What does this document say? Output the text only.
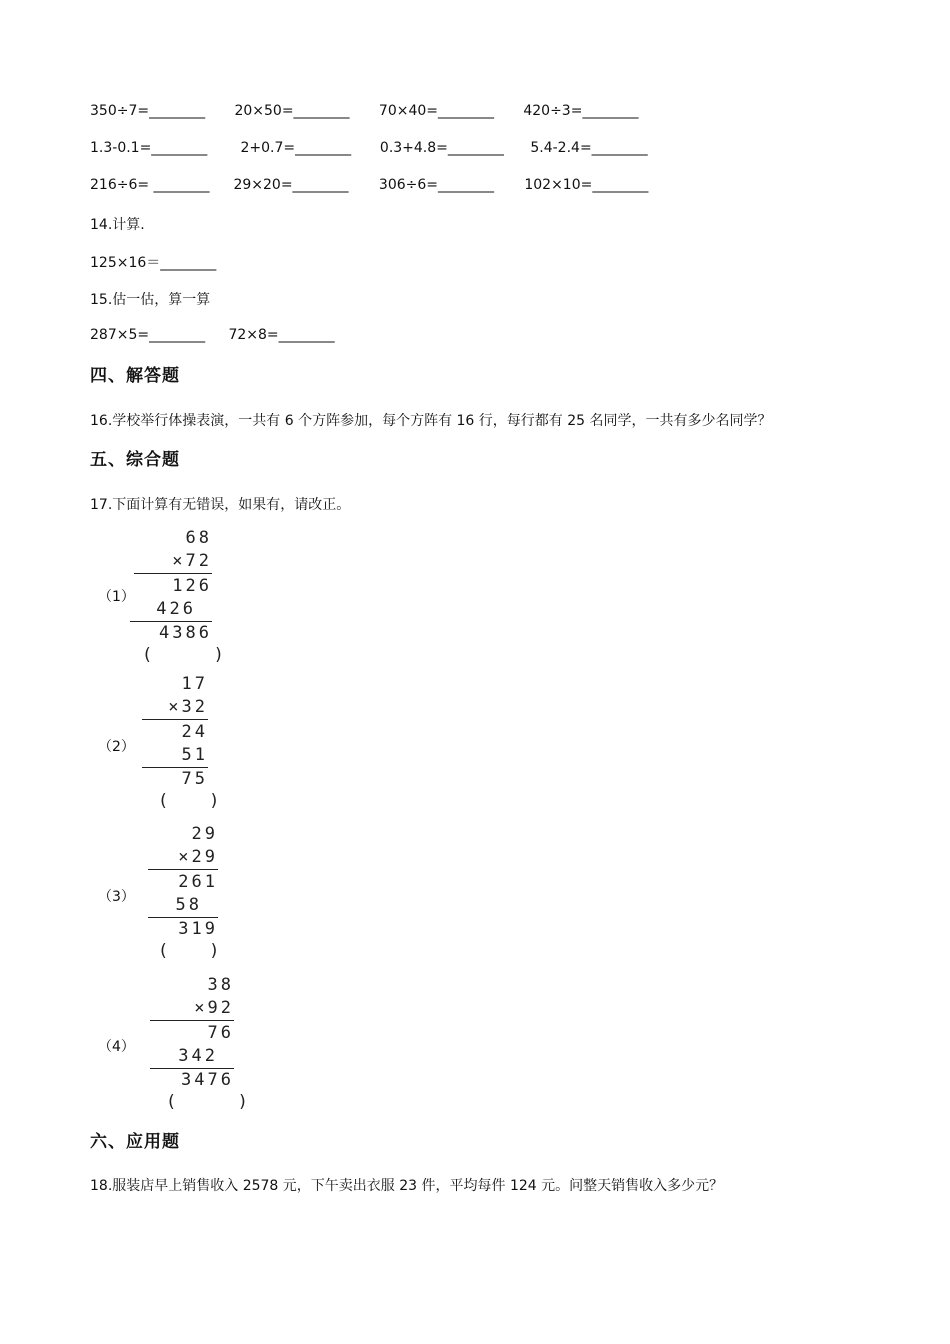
350÷7=________ 20×50=________ 70×40=________ 420÷3=________
1.3-0.1=________ 2+0.7=________ 0.3+4.8=________ 5.4-2.4=________
216÷6= ________ 29×20=________ 306÷6=________ 102×10=________
14.计算.
125×16＝________
15.估一估，算一算
287×5=________ 72×8=________
四、解答题
16.学校举行体操表演，一共有 6 个方阵参加，每个方阵有 16 行，每行都有 25 名同学，一共有多少名同学？
五、综合题
17.下面计算有无错误，如果有，请改正。
（1）
68
×72
126
426
4386
(      )
（2）
17
×32
24
51
75
(    )
（3）
29
×29
261
58
319
(    )
（4）
38
×92
76
342
3476
(      )
六、应用题
18.服装店早上销售收入 2578 元，下午卖出衣服 23 件，平均每件 124 元。问整天销售收入多少元？
